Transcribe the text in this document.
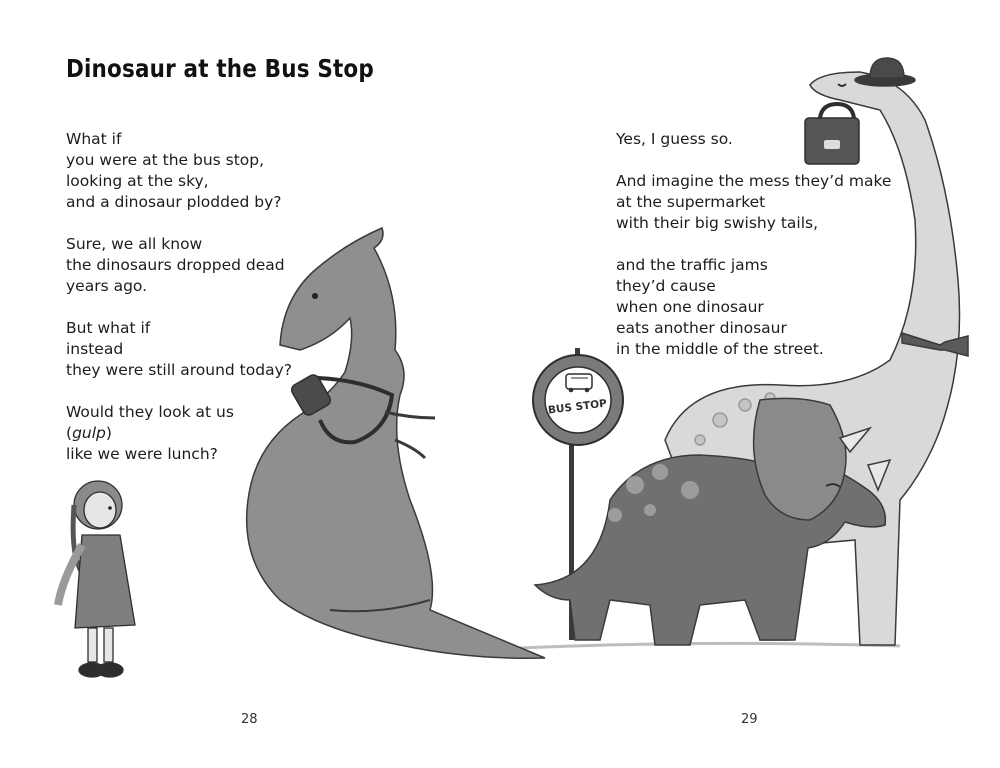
BUS STOP
Dinosaur at the Bus Stop
What if
you were at the bus stop,
looking at the sky,
and a dinosaur plodded by?
Sure, we all know
the dinosaurs dropped dead
years ago.
But what if
instead
they were still around today?
Would they look at us
(gulp)
like we were lunch?
Yes, I guess so.
And imagine the mess they’d make
at the supermarket
with their big swishy tails,
and the traffic jams
they’d cause
when one dinosaur
eats another dinosaur
in the middle of the street.
28	29
